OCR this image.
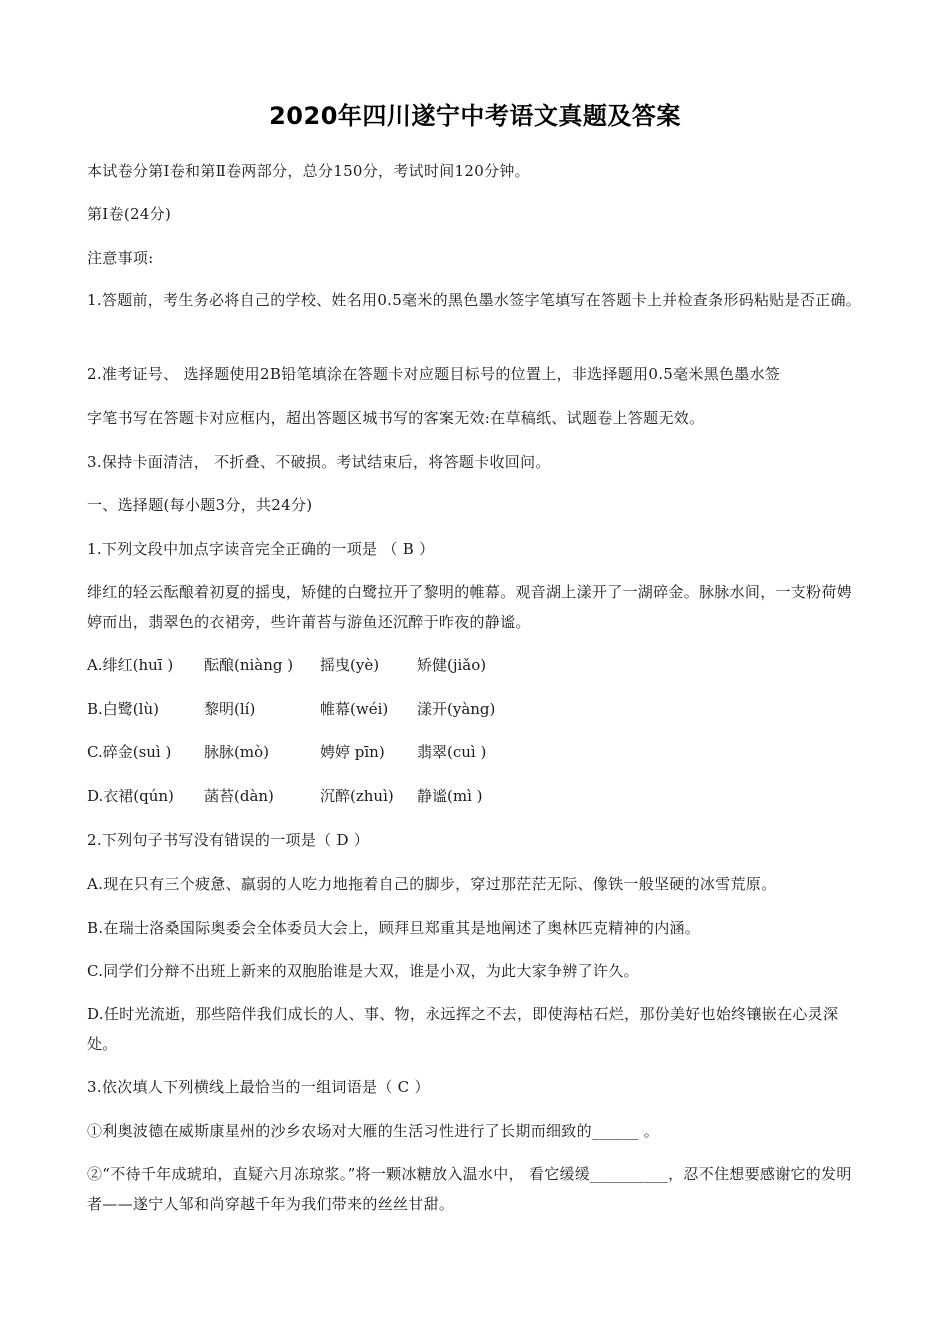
2020年四川遂宁中考语文真题及答案
本试卷分第Ⅰ卷和第Ⅱ卷两部分，总分150分，考试时间120分钟。
第Ⅰ卷(24分)
注意事项:
1.答题前，考生务必将自己的学校、姓名用0.5毫米的黑色墨水签字笔填写在答题卡上并检查条形码粘贴是否正确。
2.准考证号、 选择题使用2B铅笔填涂在答题卡对应题目标号的位置上，非选择题用0.5毫米黑色墨水签
字笔书写在答题卡对应框内，超出答题区城书写的客案无效:在草稿纸、试题卷上答题无效。
3.保持卡面清洁， 不折叠、不破损。考试结束后，将答题卡收回问。
一、选择题(每小题3分，共24分)
1.下列文段中加点字读音完全正确的一项是 （ B ）
绯红的轻云酝酿着初夏的摇曳，矫健的白鹭拉开了黎明的帷幕。观音湖上漾开了一湖碎金。脉脉水间，一支粉荷娉婷而出，翡翠色的衣裙旁，些许莆苔与游鱼还沉醉于昨夜的静谧。
A.绯红(huī ) 酝酿(niàng ) 摇曳(yè)	矫健(jiǎo)
B.白鹭(lù)	黎明(lí)	帷幕(wéi) 漾开(yàng)
C.碎金(suì ) 脉脉(mò)	娉婷 pīn) 翡翠(cuì )
D.衣裙(qún) 菡苔(dàn)	沉醉(zhuì) 静谧(mì )
2.下列句子书写没有错误的一项是（ D ）
A.现在只有三个疲惫、羸弱的人吃力地拖着自己的脚步，穿过那茫茫无际、像铁一般坚硬的冰雪荒原。
B.在瑞士洛桑国际奥委会全体委员大会上，顾拜旦郑重其是地阐述了奥林匹克精神的内涵。
C.同学们分辩不出班上新来的双胞胎谁是大双，谁是小双，为此大家争辨了许久。
D.任时光流逝，那些陪伴我们成长的人、事、物，永远挥之不去，即使海枯石烂，那份美好也始终镶嵌在心灵深处。
3.依次填人下列横线上最恰当的一组词语是（ C ）
①利奥波德在威斯康星州的沙乡农场对大雁的生活习性进行了长期而细致的______ 。
②“不待千年成琥珀，直疑六月冻琼浆。”将一颗冰糖放入温水中， 看它缓缓__________，忍不住想要感谢它的发明者——遂宁人邹和尚穿越千年为我们带来的丝丝甘甜。
